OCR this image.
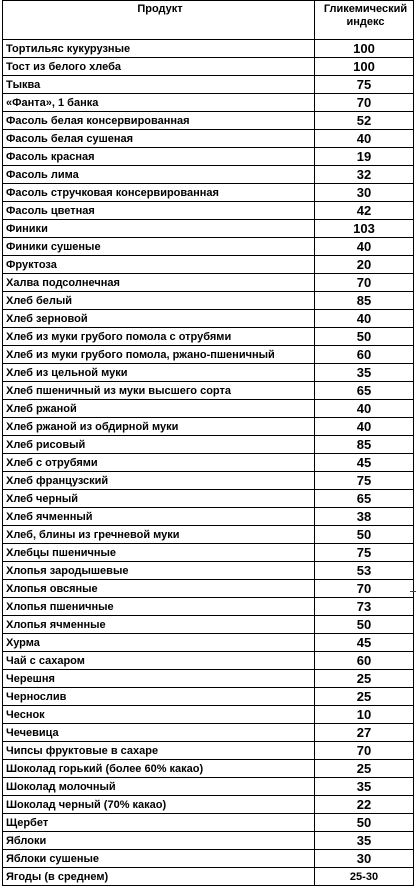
Продукт	Гликемический индекс
Тортильяс кукурузные	100
Тост из белого хлеба	100
Тыква	75
«Фанта», 1 банка	70
Фасоль белая консервированная	52
Фасоль белая сушеная	40
Фасоль красная	19
Фасоль лима	32
Фасоль стручковая консервированная	30
Фасоль цветная	42
Финики	103
Финики сушеные	40
Фруктоза	20
Халва подсолнечная	70
Хлеб белый	85
Хлеб зерновой	40
Хлеб из муки грубого помола с отрубями	50
Хлеб из муки грубого помола, ржано-пшеничный	60
Хлеб из цельной муки	35
Хлеб пшеничный из муки высшего сорта	65
Хлеб ржаной	40
Хлеб ржаной из обдирной муки	40
Хлеб рисовый	85
Хлеб с отрубями	45
Хлеб французский	75
Хлеб черный	65
Хлеб ячменный	38
Хлеб, блины из гречневой муки	50
Хлебцы пшеничные	75
Хлопья зародышевые	53
Хлопья овсяные	70
Хлопья пшеничные	73
Хлопья ячменные	50
Хурма	45
Чай с сахаром	60
Черешня	25
Чернослив	25
Чеснок	10
Чечевица	27
Чипсы фруктовые в сахаре	70
Шоколад горький (более 60% какао)	25
Шоколад молочный	35
Шоколад черный (70% какао)	22
Щербет	50
Яблоки	35
Яблоки сушеные	30
Ягоды (в среднем)	25-30
